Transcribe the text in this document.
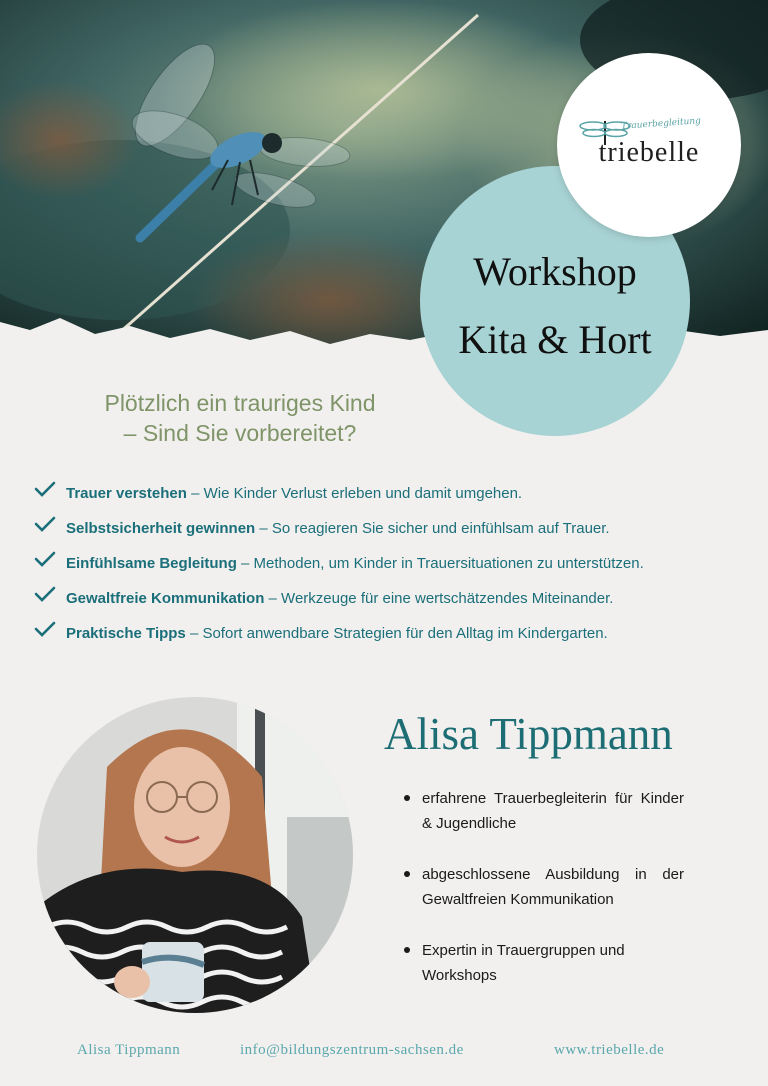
Workshop
Kita & Hort
Trauerbegleitung
triebelle
Plötzlich ein trauriges Kind
– Sind Sie vorbereitet?
Trauer verstehen – Wie Kinder Verlust erleben und damit umgehen.
Selbstsicherheit gewinnen – So reagieren Sie sicher und einfühlsam auf Trauer.
Einfühlsame Begleitung – Methoden, um Kinder in Trauersituationen zu unterstützen.
Gewaltfreie Kommunikation – Werkzeuge für eine wertschätzendes Miteinander.
Praktische Tipps – Sofort anwendbare Strategien für den Alltag im Kindergarten.
Alisa Tippmann
erfahrene Trauerbegleiterin für Kinder & Jugendliche
abgeschlossene Ausbildung in der Gewaltfreien Kommunikation
Expertin in Trauergruppen und Workshops
Alisa Tippmann	info@bildungszentrum-sachsen.de	www.triebelle.de
